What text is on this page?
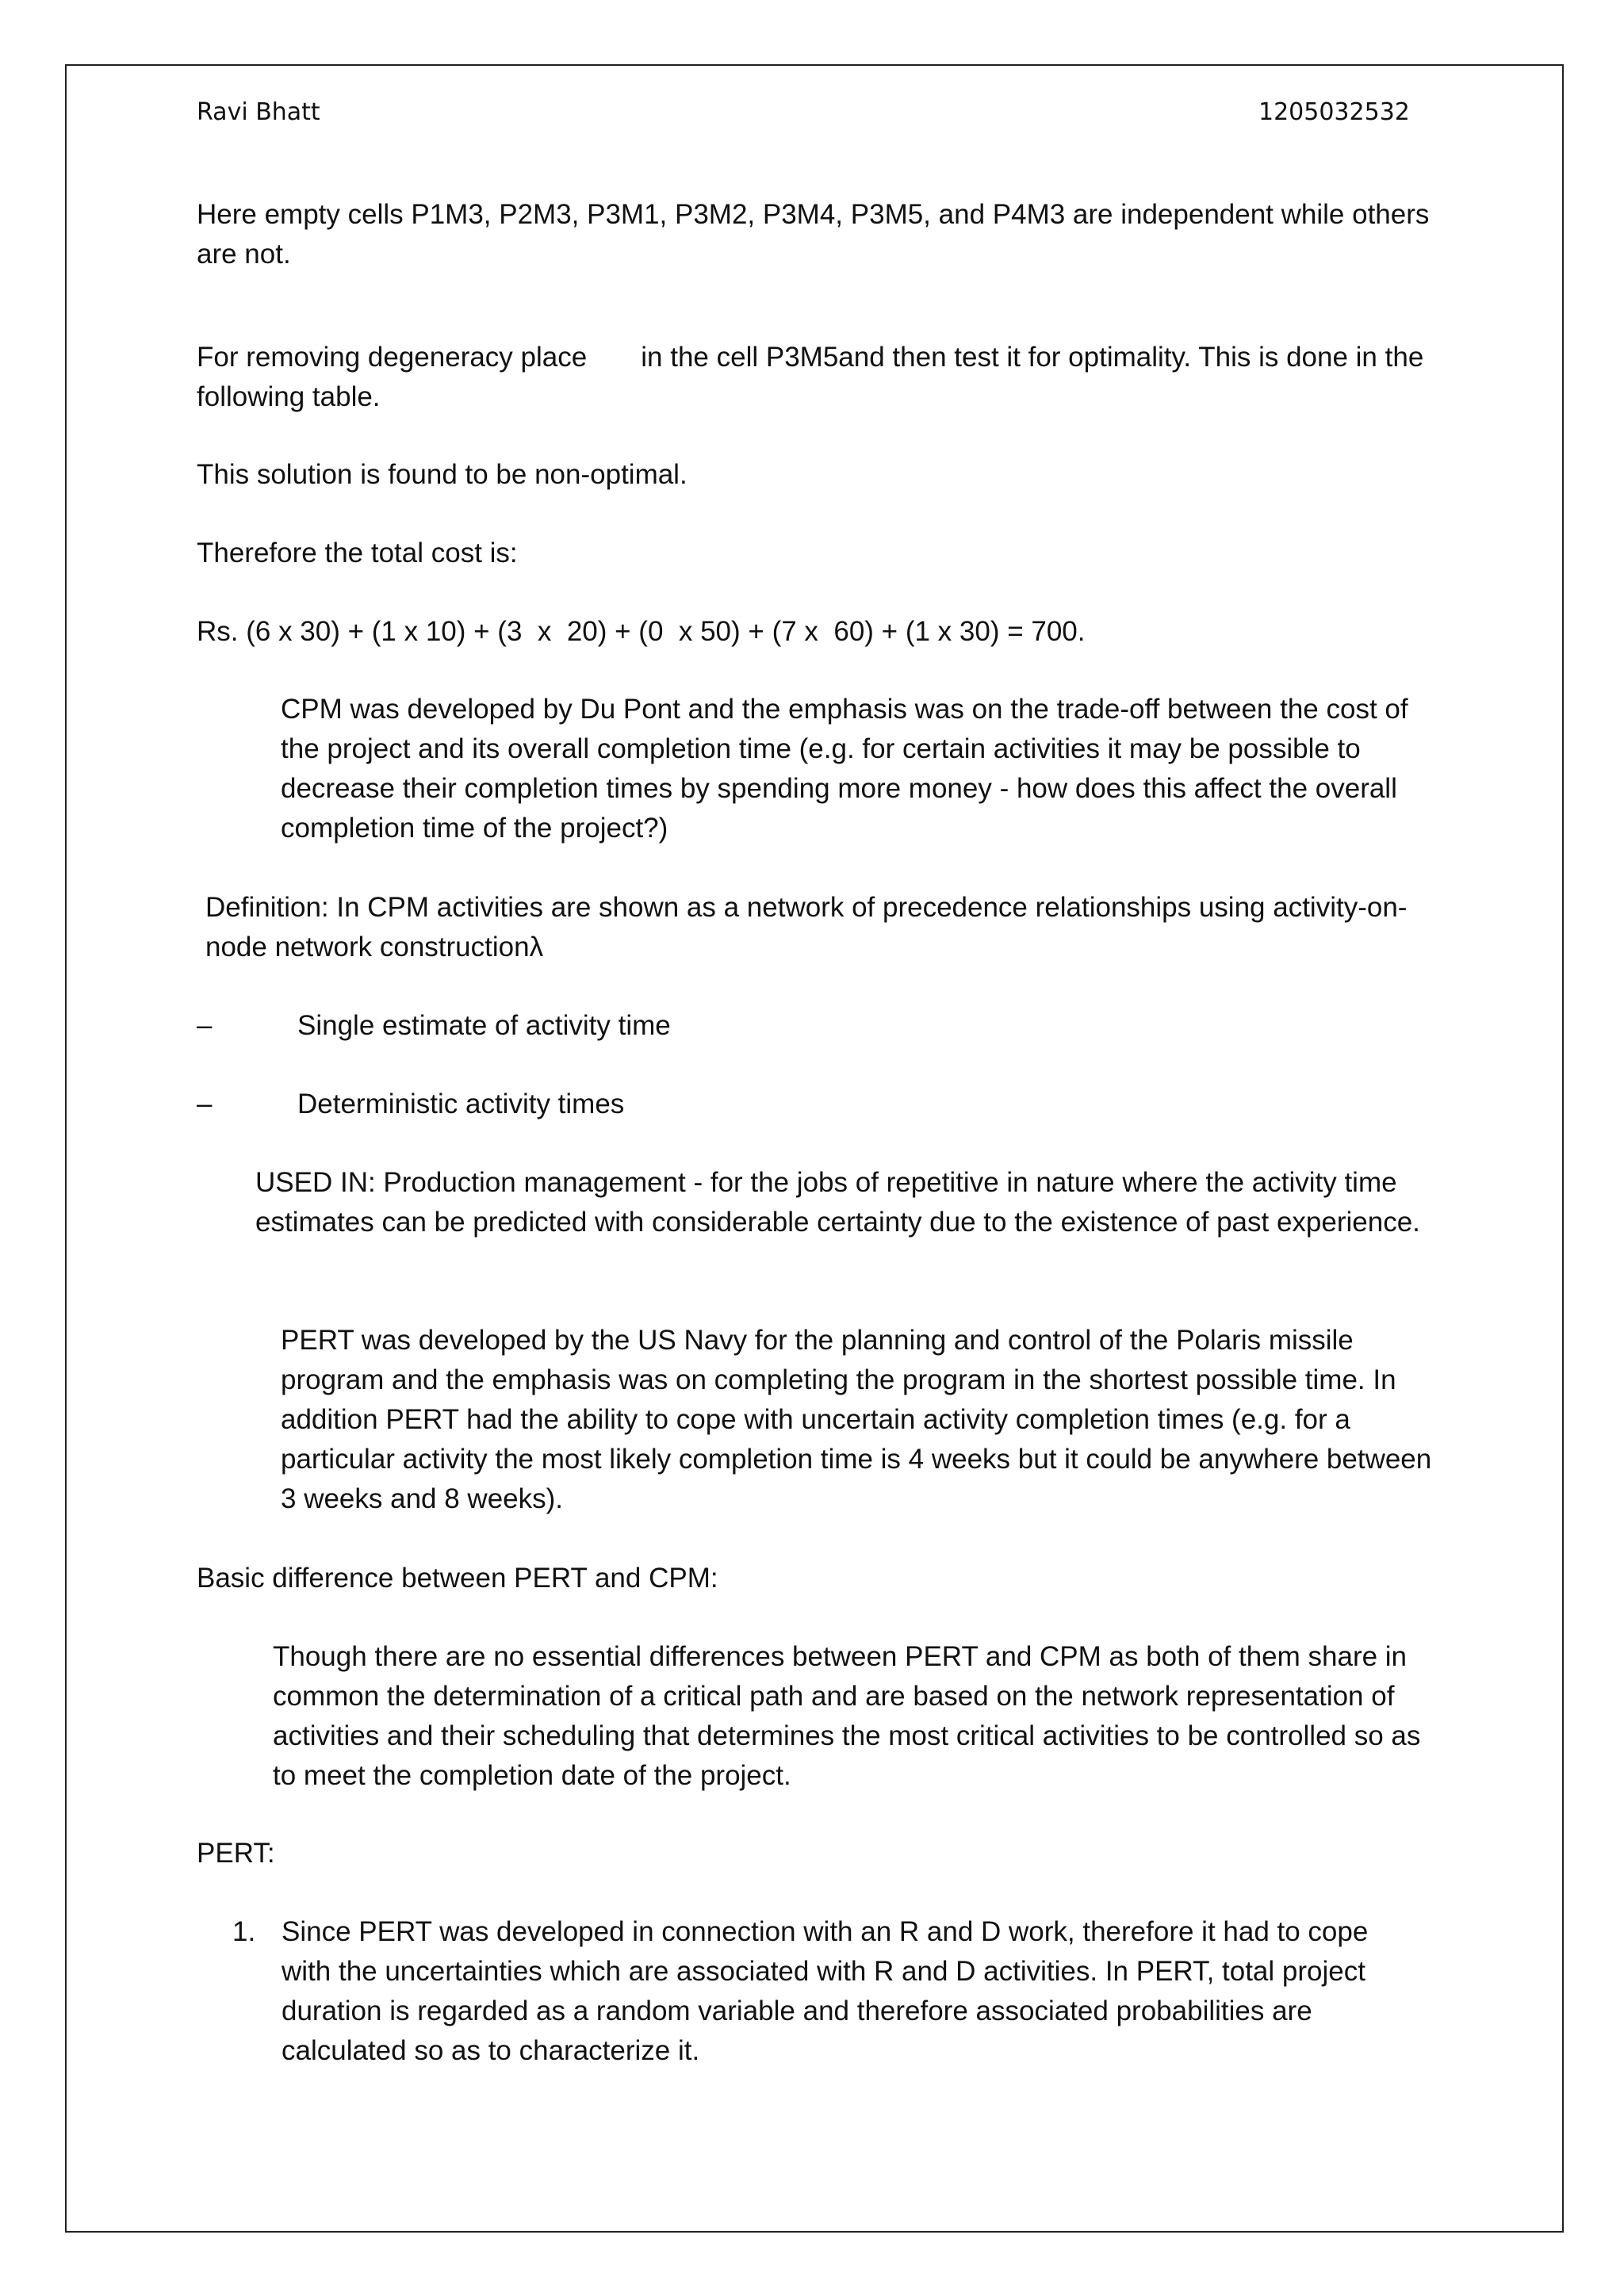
Ravi Bhatt	1205032532

Here empty cells P1M3, P2M3, P3M1, P3M2, P3M4, P3M5, and P4M3 are independent while others are not.

For removing degeneracy place       in the cell P3M5and then test it for optimality. This is done in the following table.

This solution is found to be non-optimal.

Therefore the total cost is:

Rs. (6 x 30) + (1 x 10) + (3  x  20) + (0  x 50) + (7 x  60) + (1 x 30) = 700.

CPM was developed by Du Pont and the emphasis was on the trade-off between the cost of the project and its overall completion time (e.g. for certain activities it may be possible to decrease their completion times by spending more money - how does this affect the overall completion time of the project?)

Definition: In CPM activities are shown as a network of precedence relationships using activity-on-node network constructionλ

–	Single estimate of activity time
–	Deterministic activity times

USED IN: Production management - for the jobs of repetitive in nature where the activity time estimates can be predicted with considerable certainty due to the existence of past experience.

PERT was developed by the US Navy for the planning and control of the Polaris missile program and the emphasis was on completing the program in the shortest possible time. In addition PERT had the ability to cope with uncertain activity completion times (e.g. for a particular activity the most likely completion time is 4 weeks but it could be anywhere between 3 weeks and 8 weeks).

Basic difference between PERT and CPM:

Though there are no essential differences between PERT and CPM as both of them share in common the determination of a critical path and are based on the network representation of activities and their scheduling that determines the most critical activities to be controlled so as to meet the completion date of the project.

PERT:

1. Since PERT was developed in connection with an R and D work, therefore it had to cope with the uncertainties which are associated with R and D activities. In PERT, total project duration is regarded as a random variable and therefore associated probabilities are calculated so as to characterize it.
